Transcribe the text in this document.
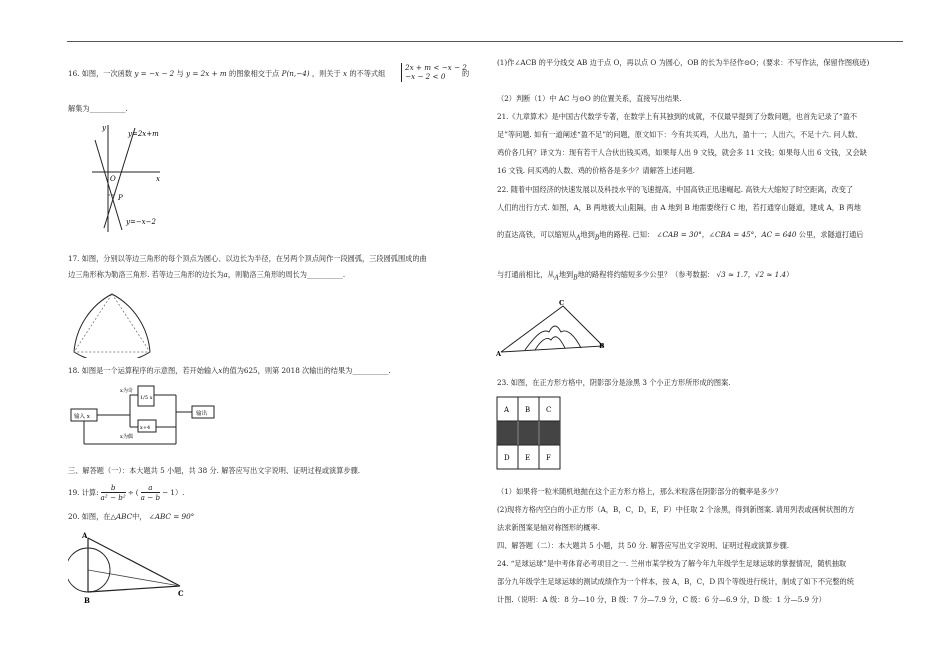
16. 如图，一次函数 y = −x − 2 与 y = 2x + m 的图象相交于点 P(n,−4) ，则关于 x 的不等式组
2x + m < −x − 2
−x − 2 < 0	的
解集为__________.
y
x
O
P
y=2x+m
y=−x−2
17. 如图，分别以等边三角形的每个顶点为圆心、以边长为半径，在另两个顶点间作一段圆弧，三段圆弧围成的曲
边三角形称为勒洛三角形. 若等边三角形的边长为a，则勒洛三角形的周长为__________.
18. 如图是一个运算程序的示意图，若开始输入x的值为625，则第 2018 次输出的结果为__________.
输入 x
x为奇
x为偶
1/5 x
x+4
输出
三、解答题（一）：本大题共 5 小题，共 38 分. 解答应写出文字说明、证明过程或演算步骤.
19. 计算: $\frac{b}{\text{a² − b²}}$ ÷ ( $\frac{a}{a - b} - 1$）.
20. 如图，在△ABC中， ∠ABC = 90°
A
B
C
(1)作∠ACB 的平分线交 AB 边于点 O，再以点 O 为圆心，OB 的长为半径作⊙O；(要求：不写作法，保留作图痕迹)
（2）判断（1）中 AC 与⊙O 的位置关系，直接写出结果.
21.《九章算术》是中国古代数学专著，在数学上有其独到的成就，不仅最早提到了分数问题，也首先记录了“盈不
足”等问题. 如有一道阐述“盈不足”的问题，原文如下：今有共买鸡，人出九，盈十一；人出六，不足十六. 问人数、
鸡价各几何？译文为：现有若干人合伙出钱买鸡，如果每人出 9 文钱，就会多 11 文钱；如果每人出 6 文钱，又会缺
16 文钱. 问买鸡的人数、鸡的价格各是多少？请解答上述问题.
22. 随着中国经济的快速发展以及科技水平的飞速提高，中国高铁正迅速崛起. 高铁大大缩短了时空距离，改变了
人们的出行方式. 如图，A，B 两地被大山阻隔，由 A 地到 B 地需要绕行 C 地，若打通穿山隧道，建成 A，B 两地
的直达高铁，可以缩短从$_A$地到$_B$地的路程. 已知： ∠CAB = 30°，∠CBA = 45°，AC = 640 公里，求隧道打通后
与打通前相比，从$_A$地到$_B$地的路程将约缩短多少公里？（参考数据： √3 ≈ 1.7，√2 ≈ 1.4）
A
C
B
23. 如图，在正方形方格中，阴影部分是涂黑 3 个小正方形所形成的图案.
A B C
D E F
（1）如果将一粒米随机地抛在这个正方形方格上，那么米粒落在阴影部分的概率是多少？
(2)现将方格内空白的小正方形（A，B，C，D，E，F）中任取 2 个涂黑，得到新图案. 请用列表或画树状图的方
法求新图案是轴对称图形的概率.
四、解答题（二）：本大题共 5 小题，共 50 分. 解答应写出文字说明、证明过程或演算步骤.
24. “足球运球”是中考体育必考项目之一. 兰州市某学校为了解今年九年级学生足球运球的掌握情况，随机抽取
部分九年级学生足球运球的测试成绩作为一个样本，按 A，B，C，D 四个等级进行统计，制成了如下不完整的统
计图.（说明：A 级：8 分—10 分，B 级：7 分—7.9 分，C 级：6 分—6.9 分，D 级：1 分—5.9 分）
